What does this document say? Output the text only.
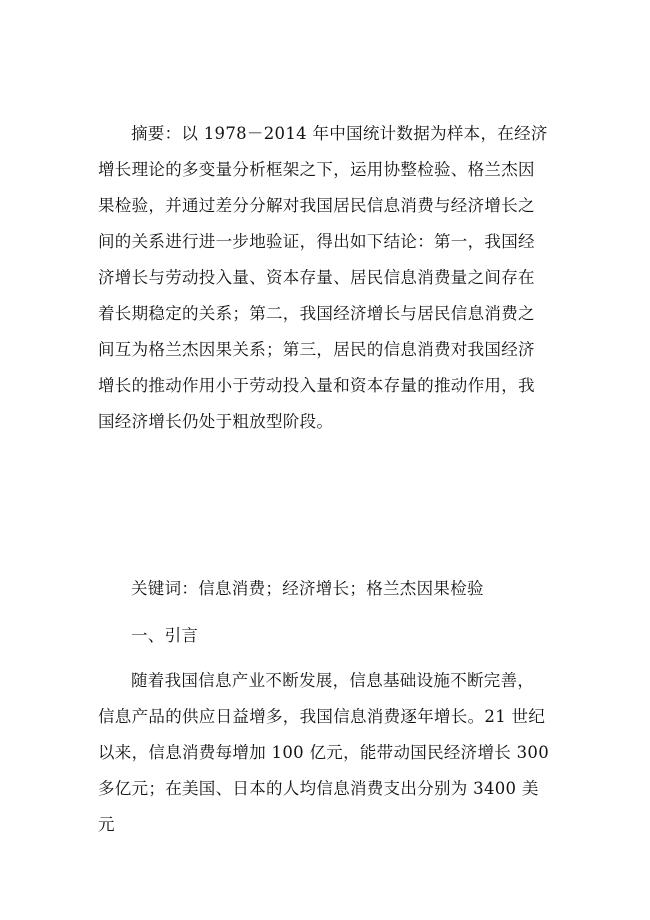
摘要：以 1978－2014 年中国统计数据为样本，在经济增长理论的多变量分析框架之下，运用协整检验、格兰杰因果检验，并通过差分分解对我国居民信息消费与经济增长之间的关系进行进一步地验证，得出如下结论：第一，我国经济增长与劳动投入量、资本存量、居民信息消费量之间存在着长期稳定的关系；第二，我国经济增长与居民信息消费之间互为格兰杰因果关系；第三，居民的信息消费对我国经济增长的推动作用小于劳动投入量和资本存量的推动作用，我国经济增长仍处于粗放型阶段。

关键词：信息消费；经济增长；格兰杰因果检验

一、引言

随着我国信息产业不断发展，信息基础设施不断完善，信息产品的供应日益增多，我国信息消费逐年增长。21 世纪以来，信息消费每增加 100 亿元，能带动国民经济增长 300 多亿元；在美国、日本的人均信息消费支出分别为 3400 美元
